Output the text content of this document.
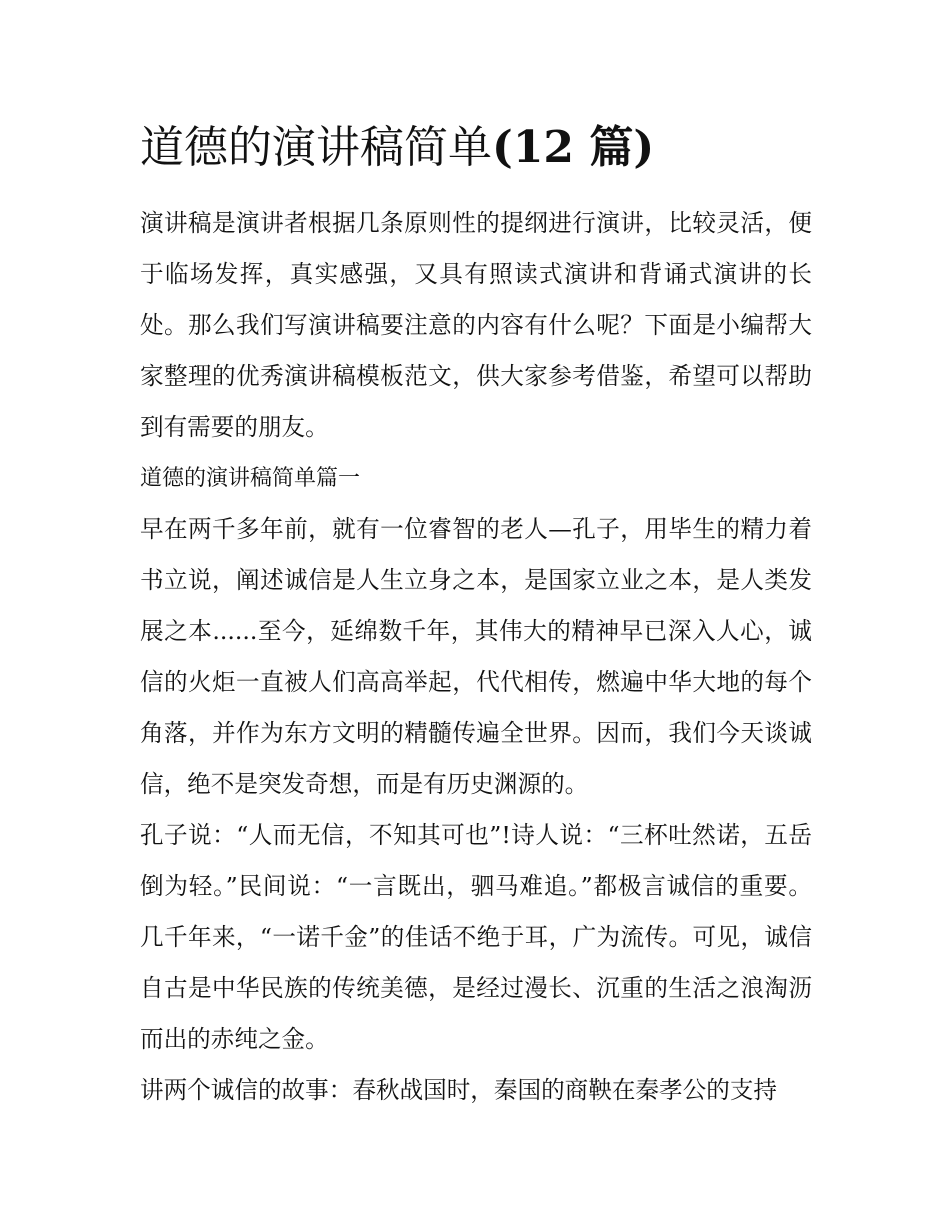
道德的演讲稿简单(12 篇)

演讲稿是演讲者根据几条原则性的提纲进行演讲，比较灵活，便于临场发挥，真实感强，又具有照读式演讲和背诵式演讲的长处。那么我们写演讲稿要注意的内容有什么呢？下面是小编帮大家整理的优秀演讲稿模板范文，供大家参考借鉴，希望可以帮助到有需要的朋友。

道德的演讲稿简单篇一

早在两千多年前，就有一位睿智的老人—孔子，用毕生的精力着书立说，阐述诚信是人生立身之本，是国家立业之本，是人类发展之本......至今，延绵数千年，其伟大的精神早已深入人心，诚信的火炬一直被人们高高举起，代代相传，燃遍中华大地的每个角落，并作为东方文明的精髓传遍全世界。因而，我们今天谈诚信，绝不是突发奇想，而是有历史渊源的。

孔子说：“人而无信，不知其可也”!诗人说：“三杯吐然诺，五岳倒为轻。”民间说：“一言既出，驷马难追。”都极言诚信的重要。几千年来，“一诺千金”的佳话不绝于耳，广为流传。可见，诚信自古是中华民族的传统美德，是经过漫长、沉重的生活之浪淘沥而出的赤纯之金。

讲两个诚信的故事：春秋战国时，秦国的商鞅在秦孝公的支持
